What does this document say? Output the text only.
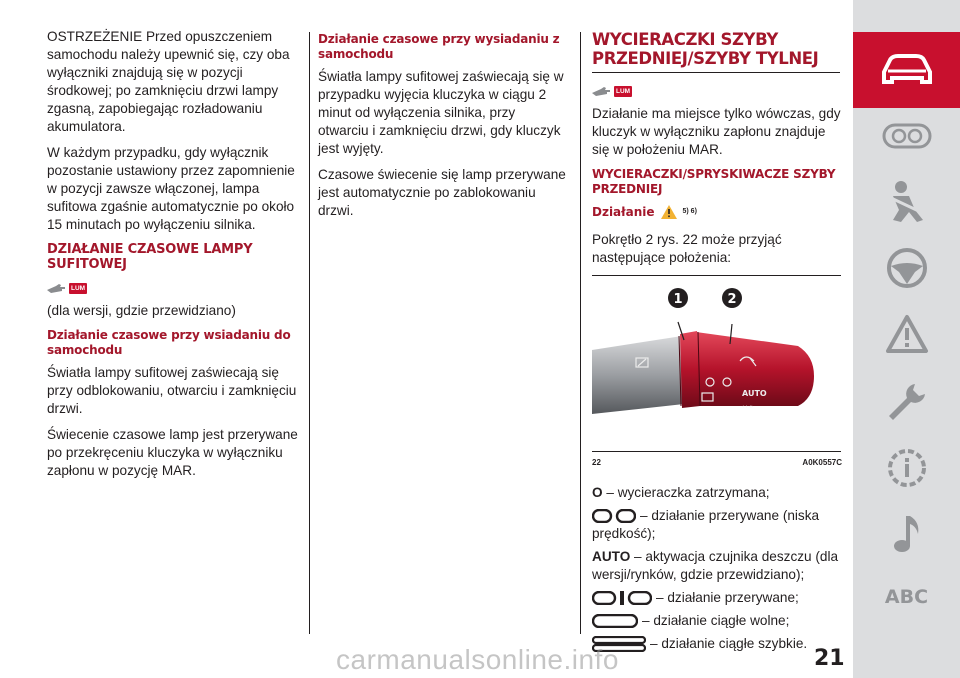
OSTRZEŻENIE Przed opuszczeniem samochodu należy upewnić się, czy oba wyłączniki znajdują się w pozycji środkowej; po zamknięciu drzwi lampy zgasną, zapobiegając rozładowaniu akumulatora.

W każdym przypadku, gdy wyłącznik pozostanie ustawiony przez zapomnienie w pozycji zawsze włączonej, lampa sufitowa zgaśnie automatycznie po około 15 minutach po wyłączeniu silnika.

DZIAŁANIE CZASOWE LAMPY SUFITOWEJ
LUM

(dla wersji, gdzie przewidziano)

Działanie czasowe przy wsiadaniu do samochodu

Światła lampy sufitowej zaświecają się przy odblokowaniu, otwarciu i zamknięciu drzwi.

Świecenie czasowe lamp jest przerywane po przekręceniu kluczyka w wyłączniku zapłonu w pozycję MAR.

Działanie czasowe przy wysiadaniu z samochodu

Światła lampy sufitowej zaświecają się w przypadku wyjęcia kluczyka w ciągu 2 minut od wyłączenia silnika, przy otwarciu i zamknięciu drzwi, gdy kluczyk jest wyjęty.

Czasowe świecenie się lamp przerywane jest automatycznie po zablokowaniu drzwi.

WYCIERACZKI SZYBY PRZEDNIEJ/SZYBY TYLNEJ
LUM

Działanie ma miejsce tylko wówczas, gdy kluczyk w wyłączniku zapłonu znajduje się w położeniu MAR.

WYCIERACZKI/SPRYSKIWACZE SZYBY PRZEDNIEJ
Działanie	5) 6)

Pokrętło 2 rys. 22 może przyjąć następujące położenia:

1	2
AUTO
‹ › ‹›
22	A0K0557C
O – wycieraczka zatrzymana;
– działanie przerywane (niska prędkość);
AUTO – aktywacja czujnika deszczu (dla wersji/rynków, gdzie przewidziano);
– działanie przerywane;
– działanie ciągłe wolne;
– działanie ciągłe szybkie.
ABC
carmanualsonline.info	21
